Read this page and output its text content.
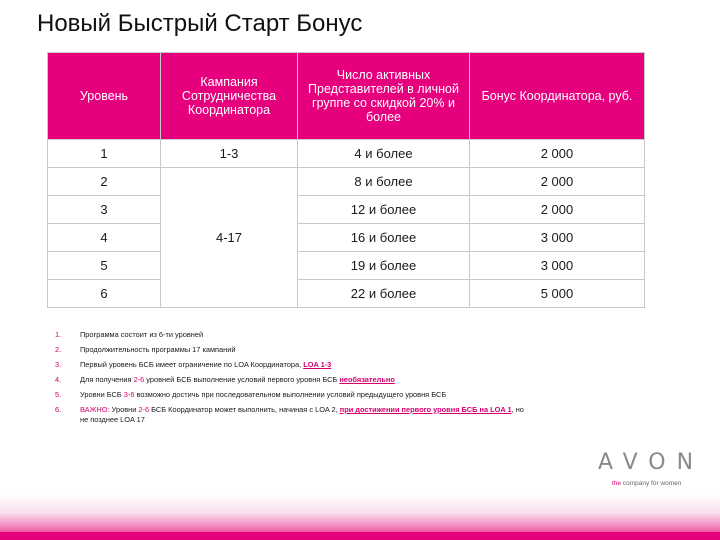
Новый Быстрый Старт Бонус
Уровень	Кампания Сотрудничества Координатора	Число активных Представителей в личной группе со скидкой 20% и более	Бонус Координатора, руб.
1	1-3	4 и более	2 000
2	4-17	8 и более	2 000
3		12 и более	2 000
4		16 и более	3 000
5		19 и более	3 000
6		22 и более	5 000
1.	Программа состоит из 6-ти уровней
2.	Продолжительность программы 17 кампаний
3.	Первый уровень БСБ имеет ограничение по LOA Координатора, LOA 1-3
4.	Для получения 2-6 уровней БСБ выполнение условий первого уровня БСБ необязательно
5.	Уровни БСБ 3-6 возможно достичь при последовательном выполнении условий предыдущего уровня БСБ
6.	ВАЖНО: Уровни 2-6 БСБ Координатор может выполнить, начиная с LOA 2, при достижении первого уровня БСБ на LOA 1, но не позднее LOA 17
AVON
the company for women
